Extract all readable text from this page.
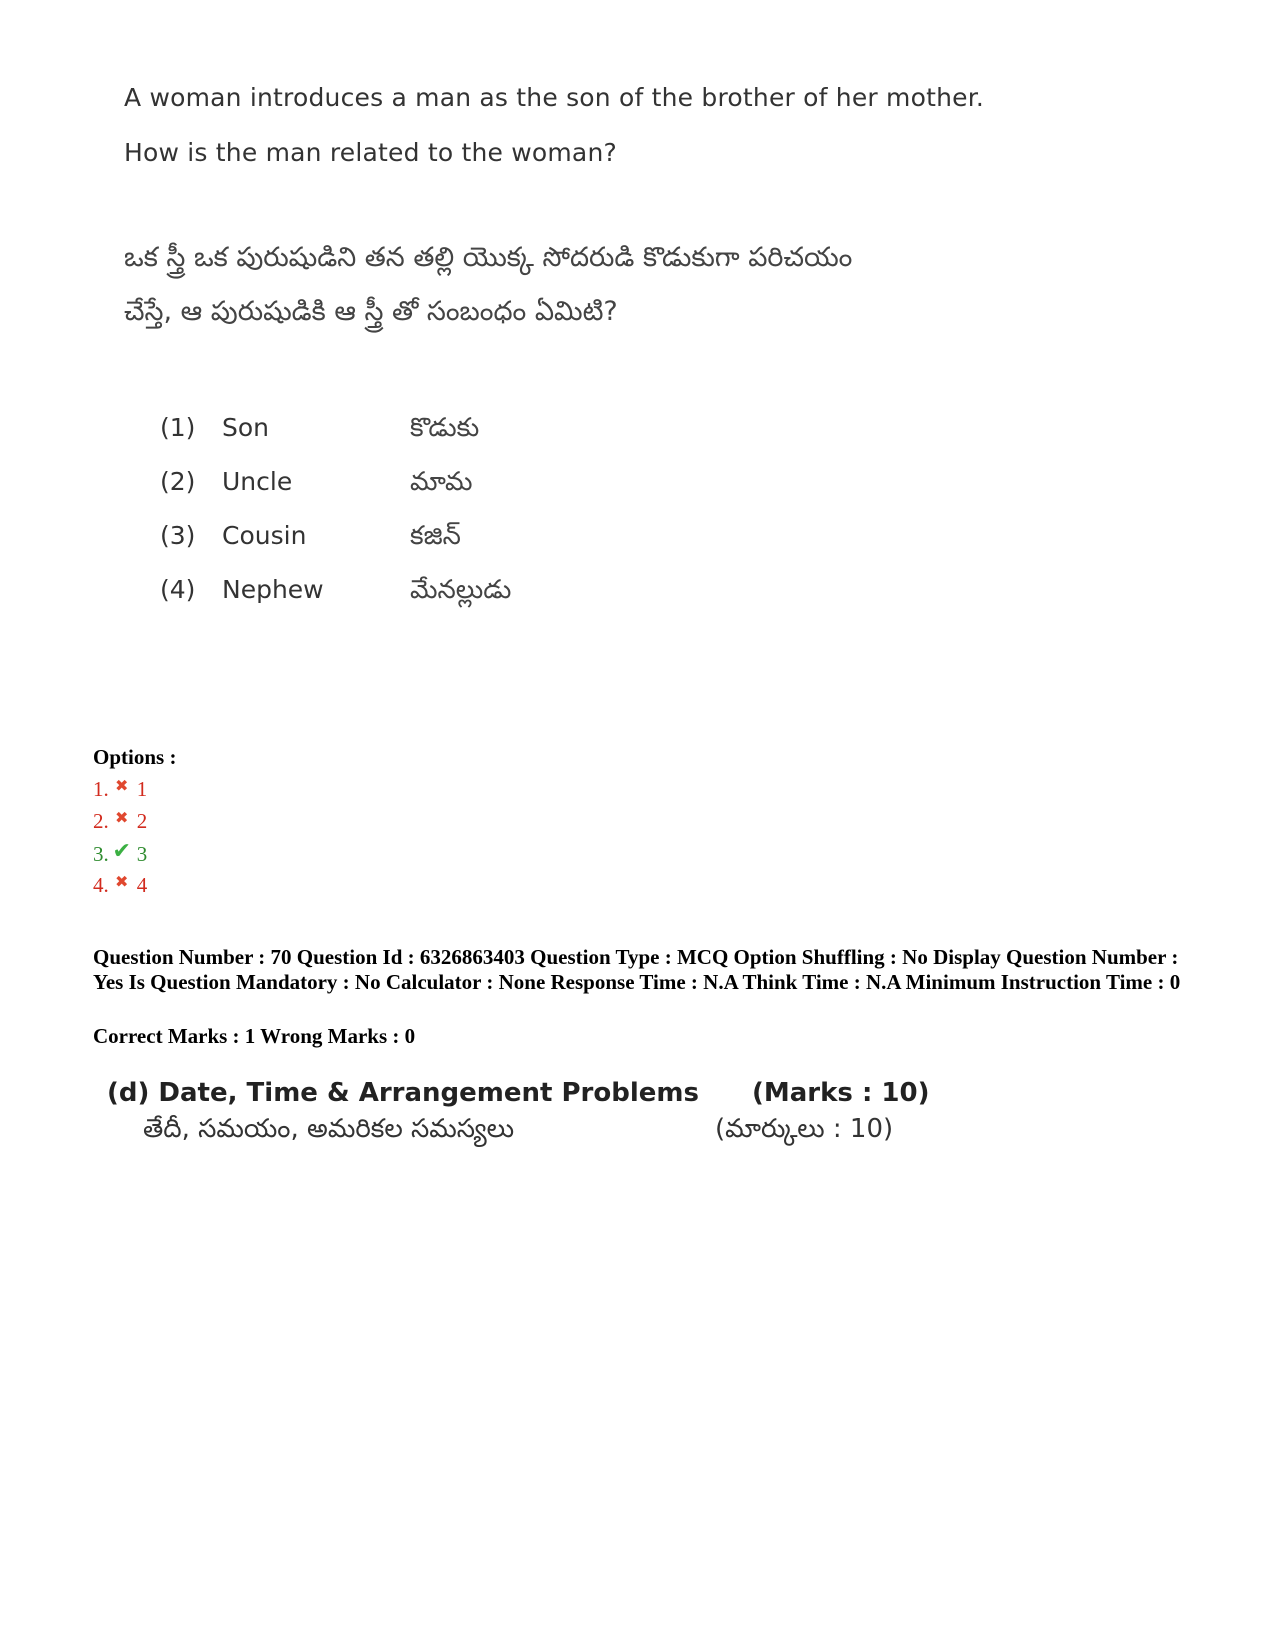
A woman introduces a man as the son of the brother of her mother.
How is the man related to the woman?
ఒక స్త్రీ ఒక పురుషుడిని తన తల్లి యొక్క సోదరుడి కొడుకుగా పరిచయం
చేస్తే, ఆ పురుషుడికి ఆ స్త్రీ తో సంబంధం ఏమిటి?
(1) Son	కొడుకు
(2) Uncle	మామ
(3) Cousin	కజిన్
(4) Nephew	మేనల్లుడు
Options :
1. ✖ 1
2. ✖ 2
3. ✔ 3
4. ✖ 4
Question Number : 70 Question Id : 6326863403 Question Type : MCQ Option Shuffling : No Display Question Number : Yes Is Question Mandatory : No Calculator : None Response Time : N.A Think Time : N.A Minimum Instruction Time : 0
Correct Marks : 1 Wrong Marks : 0
(d) Date, Time & Arrangement Problems (Marks : 10)
తేదీ, సమయం, అమరికల సమస్యలు	(మార్కులు : 10)
